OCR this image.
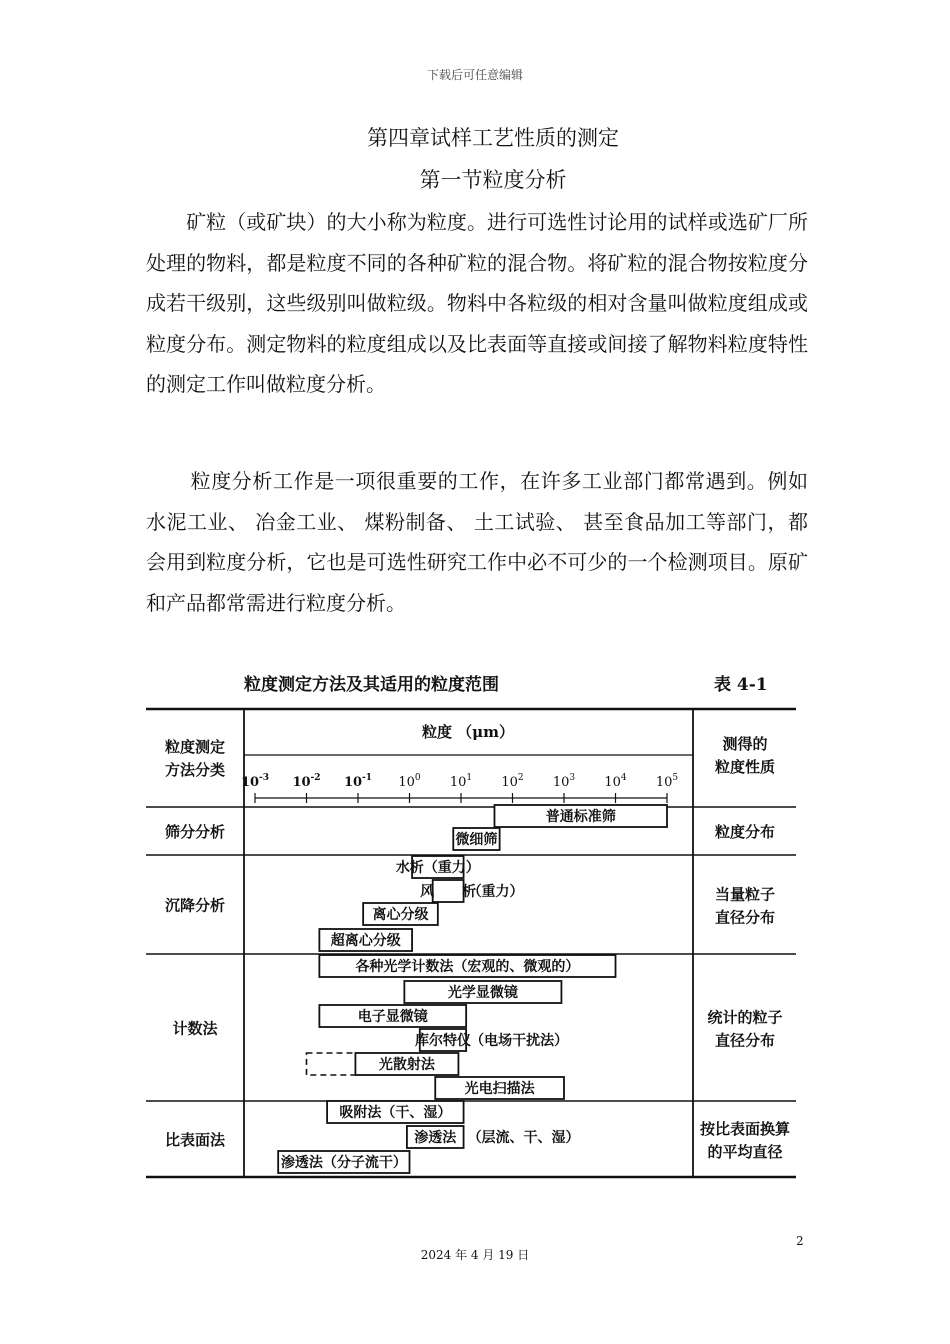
下载后可任意编辑
第四章试样工艺性质的测定
第一节粒度分析
矿粒（或矿块）的大小称为粒度。进行可选性讨论用的试样或选矿厂所处理的物料，都是粒度不同的各种矿粒的混合物。将矿粒的混合物按粒度分成若干级别，这些级别叫做粒级。物料中各粒级的相对含量叫做粒度组成或粒度分布。测定物料的粒度组成以及比表面等直接或间接了解物料粒度特性的测定工作叫做粒度分析。
粒度分析工作是一项很重要的工作，在许多工业部门都常遇到。例如水泥工业、 冶金工业、 煤粉制备、 土工试验、 甚至食品加工等部门，都会用到粒度分析，它也是可选性研究工作中必不可少的一个检测项目。原矿和产品都常需进行粒度分析。
粒度测定方法及其适用的粒度范围	表 4-1
粒度测定
方法分类
粒度 （μm）
测得的
粒度性质
$10^{-3}$ $10^{-2}$ $10^{-1}$ $10^0$ $10^1$ $10^2$ $10^3$ $10^4$ $10^5$
筛分分析	粒度分布
普通标准筛
微细筛
沉降分析
当量粒子
直径分布
水析（重力）
风　　析
（重力）
离心分级
超离心分级
计数法
统计的粒子
直径分布
各种光学计数法（宏观的、微观的）
光学显微镜
电子显微镜
库尔特仪 （电场干扰法）
光散射法
光电扫描法
比表面法
按比表面换算
的平均直径
吸附法（干、湿）
渗透法 （层流、干、湿）
渗透法（分子流干）
2
2024 年 4 月 19 日
